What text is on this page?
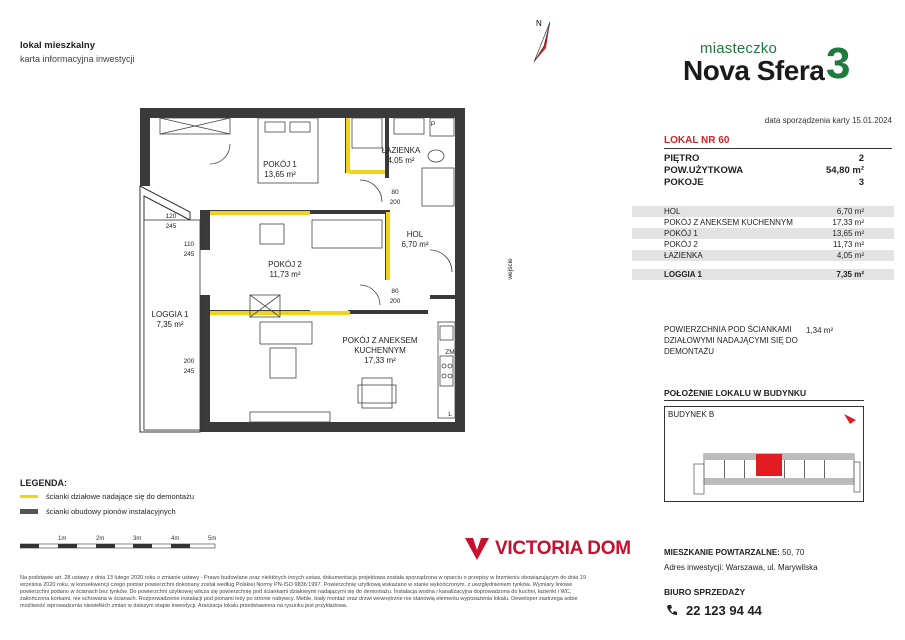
lokal mieszkalny
karta informacyjna inwestycji
N
miasteczko
Nova Sfera 3
data sporządzenia karty 15.01.2024
LOKAL NR 60
PIĘTRO	2
POW.UŻYTKOWA	54,80 m²
POKOJE	3
HOL	6,70 m²
POKÓJ Z ANEKSEM KUCHENNYM	17,33 m²
POKÓJ 1	13,65 m²
POKÓJ 2	11,73 m²
ŁAZIENKA	4,05 m²
LOGGIA 1	7,35 m²
POWIERZCHNIA POD ŚCIANKAMI DZIAŁOWYMI NADAJĄCYMI SIĘ DO DEMONTAŻU
1,34 m²
POŁOŻENIE LOKALU W BUDYNKU
BUDYNEK B
MIESZKANIE POWTARZALNE: 50, 70
Adres inwestycji: Warszawa, ul. Marywilska
BIURO SPRZEDAŻY
22 123 94 44
POKÓJ 1
13,65 m²
ŁAZIENKA
4,05 m²
HOL
6,70 m²
POKÓJ 2
11,73 m²
POKÓJ Z ANEKSEM KUCHENNYM
17,33 m²
LOGGIA 1
7,35 m²
80
200
80
200
110
245
200
245
120
245
P
ZM
L
wejście
LEGENDA:
ścianki działowe nadające się do demontażu
ścianki obudowy pionów instalacyjnych
1m	2m	3m	4m	5m	VICTORIA DOM
Na podstawie art. 28 ustawy z dnia 13 lutego 2020 roku o zmianie ustawy - Prawo budowlane oraz niektórych innych ustaw, dokumentacja projektowa została sporządzona w oparciu o przepisy w brzmieniu obowiązującym do dnia 19 września 2020 roku, w konsekwencji czego pomiar powierzchni dokonany został według Polskiej Normy PN-ISO 9836:1997. Powierzchnię użytkową wskazano w stanie wykończonym, z uwzględnieniem tynków. Wymiary liniowe powierzchni podano w ścianach bez tynków. Do powierzchni użytkowej wlicza się powierzchnię pod ściankami działowymi nadającymi się do demontażu. Instalacja wodna i kanalizacyjna doprowadzona do kuchni, łazienki i WC, zakończona korkami, nie schowana w ścianach. Rozprowadzenie instalacji pod pionami leży po stronie nabywcy. Meble, biały montaż oraz drzwi wewnętrzne nie stanowią elementu wyposażenia lokalu. Deweloper zastrzega sobie możliwość wprowadzenia niewielkich zmian w dalszym etapie inwestycji. Aranżacja lokalu przedstawiona na rysunku jest przykładowa.
